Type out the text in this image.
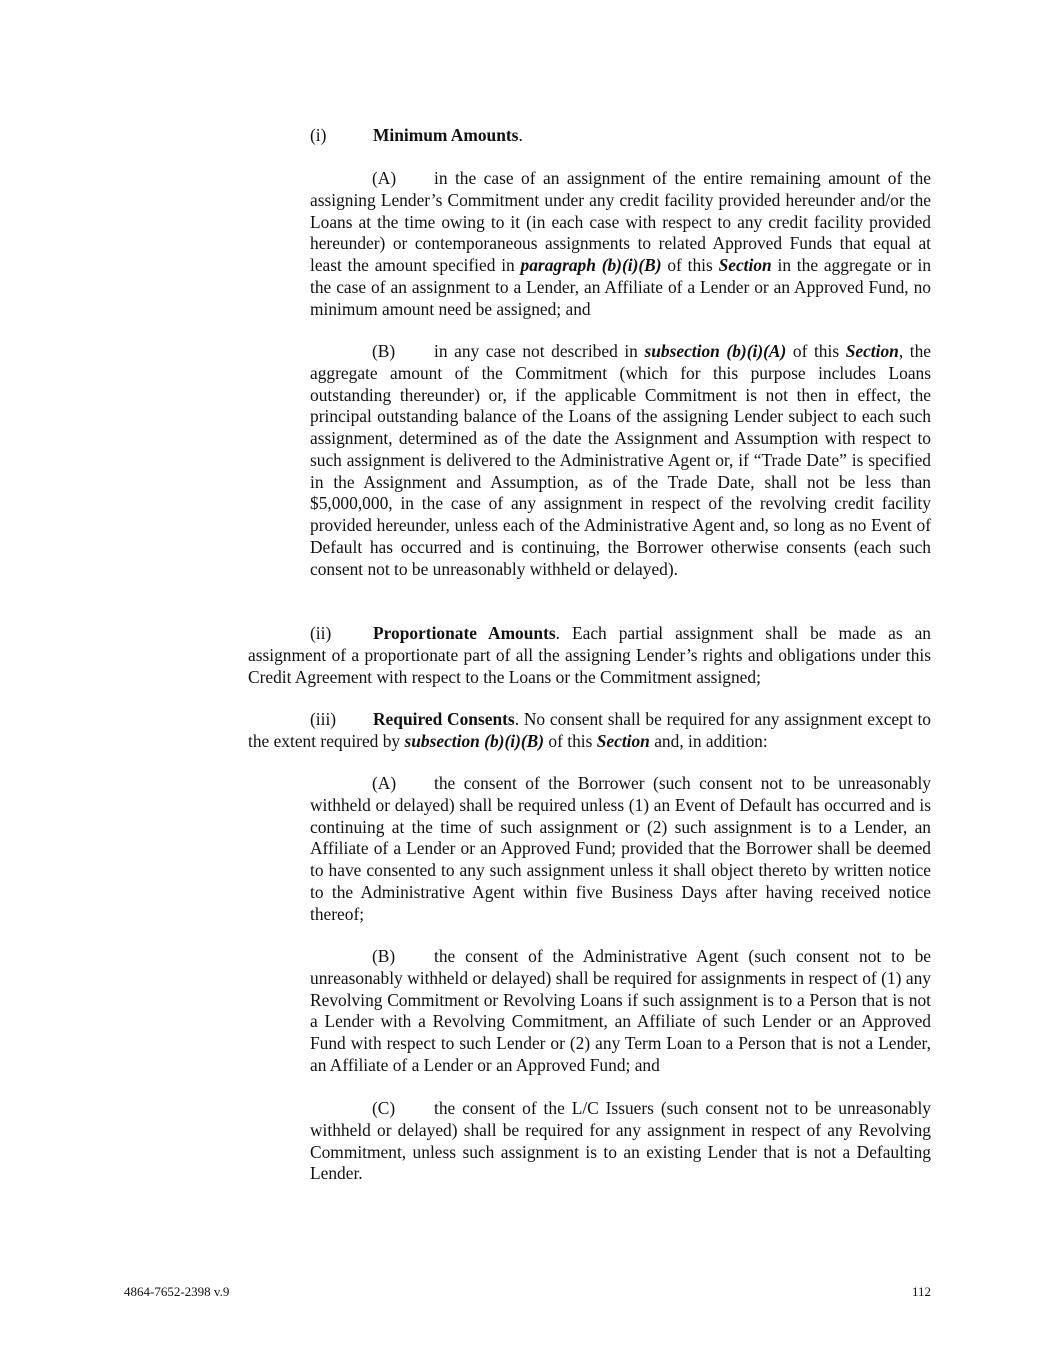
(i)	Minimum Amounts.
(A) in the case of an assignment of the entire remaining amount of the assigning Lender’s Commitment under any credit facility provided hereunder and/or the Loans at the time owing to it (in each case with respect to any credit facility provided hereunder) or contemporaneous assignments to related Approved Funds that equal at least the amount specified in paragraph (b)(i)(B) of this Section in the aggregate or in the case of an assignment to a Lender, an Affiliate of a Lender or an Approved Fund, no minimum amount need be assigned; and
(B) in any case not described in subsection (b)(i)(A) of this Section, the aggregate amount of the Commitment (which for this purpose includes Loans outstanding thereunder) or, if the applicable Commitment is not then in effect, the principal outstanding balance of the Loans of the assigning Lender subject to each such assignment, determined as of the date the Assignment and Assumption with respect to such assignment is delivered to the Administrative Agent or, if “Trade Date” is specified in the Assignment and Assumption, as of the Trade Date, shall not be less than $5,000,000, in the case of any assignment in respect of the revolving credit facility provided hereunder, unless each of the Administrative Agent and, so long as no Event of Default has occurred and is continuing, the Borrower otherwise consents (each such consent not to be unreasonably withheld or delayed).
(ii) Proportionate Amounts. Each partial assignment shall be made as an assignment of a proportionate part of all the assigning Lender’s rights and obligations under this Credit Agreement with respect to the Loans or the Commitment assigned;
(iii) Required Consents. No consent shall be required for any assignment except to the extent required by subsection (b)(i)(B) of this Section and, in addition:
(A) the consent of the Borrower (such consent not to be unreasonably withheld or delayed) shall be required unless (1) an Event of Default has occurred and is continuing at the time of such assignment or (2) such assignment is to a Lender, an Affiliate of a Lender or an Approved Fund; provided that the Borrower shall be deemed to have consented to any such assignment unless it shall object thereto by written notice to the Administrative Agent within five Business Days after having received notice thereof;
(B) the consent of the Administrative Agent (such consent not to be unreasonably withheld or delayed) shall be required for assignments in respect of (1) any Revolving Commitment or Revolving Loans if such assignment is to a Person that is not a Lender with a Revolving Commitment, an Affiliate of such Lender or an Approved Fund with respect to such Lender or (2) any Term Loan to a Person that is not a Lender, an Affiliate of a Lender or an Approved Fund; and
(C) the consent of the L/C Issuers (such consent not to be unreasonably withheld or delayed) shall be required for any assignment in respect of any Revolving Commitment, unless such assignment is to an existing Lender that is not a Defaulting Lender.
4864-7652-2398 v.9	112
